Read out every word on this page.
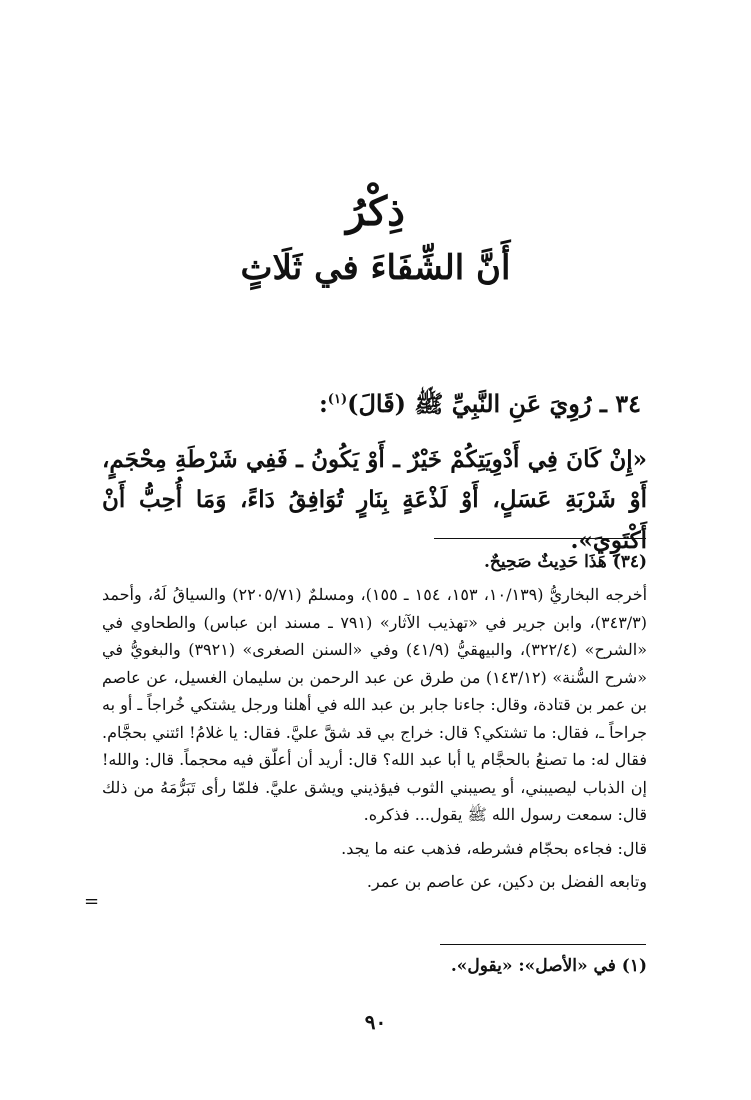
ذِكْرُ
أَنَّ الشِّفَاءَ في ثَلَاثٍ
٣٤ ـ رُوِيَ عَنِ النَّبِيِّ ﷺ (قَالَ)$^{(١)}$:
«إِنْ كَانَ فِي أَدْوِيَتِكُمْ خَيْرٌ ـ أَوْ يَكُونُ ـ فَفِي شَرْطَةِ مِحْجَمٍ، أَوْ شَرْبَةِ عَسَلٍ، أَوْ لَذْعَةٍ بِنَارٍ تُوَافِقُ دَاءً، وَمَا أُحِبُّ أَنْ أَكْتَوِيَ».

(٣٤) هَذَا حَدِيثٌ صَحِيحٌ.

أخرجه البخاريُّ (١٠/١٣٩، ١٥٣، ١٥٤ ـ ١٥٥)، ومسلمٌ (٢٢٠٥/٧١) والسياقُ لَهُ، وأحمد (٣٤٣/٣)، وابن جرير في «تهذيب الآثار» (٧٩١ ـ مسند ابن عباس) والطحاوي في «الشرح» (٣٢٢/٤)، والبيهقيُّ (٤١/٩) وفي «السنن الصغرى» (٣٩٢١) والبغويُّ في «شرح السُّنة» (١٤٣/١٢) من طرق عن عبد الرحمن بن سليمان الغسيل، عن عاصم بن عمر بن قتادة، وقال: جاءنا جابر بن عبد الله في أهلنا ورجل يشتكي خُراجاً ـ أو به جراحاً ـ، فقال: ما تشتكي؟ قال: خراج بي قد شقَّ عليَّ. فقال: يا غلامُ! ائتني بحجَّام. فقال له: ما تصنعُ بالحجَّام يا أبا عبد الله؟ قال: أريد أن أعلّق فيه محجماً. قال: والله! إن الذباب ليصيبني، أو يصيبني الثوب فيؤذيني ويشق عليَّ. فلمّا رأى تَبَرُّمَهُ من ذلك قال: سمعت رسول الله ﷺ يقول... فذكره.

قال: فجاءه بحجّام فشرطه، فذهب عنه ما يجد.

وتابعه الفضل بن دكين، عن عاصم بن عمر.

=
(١) في «الأصل»: «يقول».
٩٠
